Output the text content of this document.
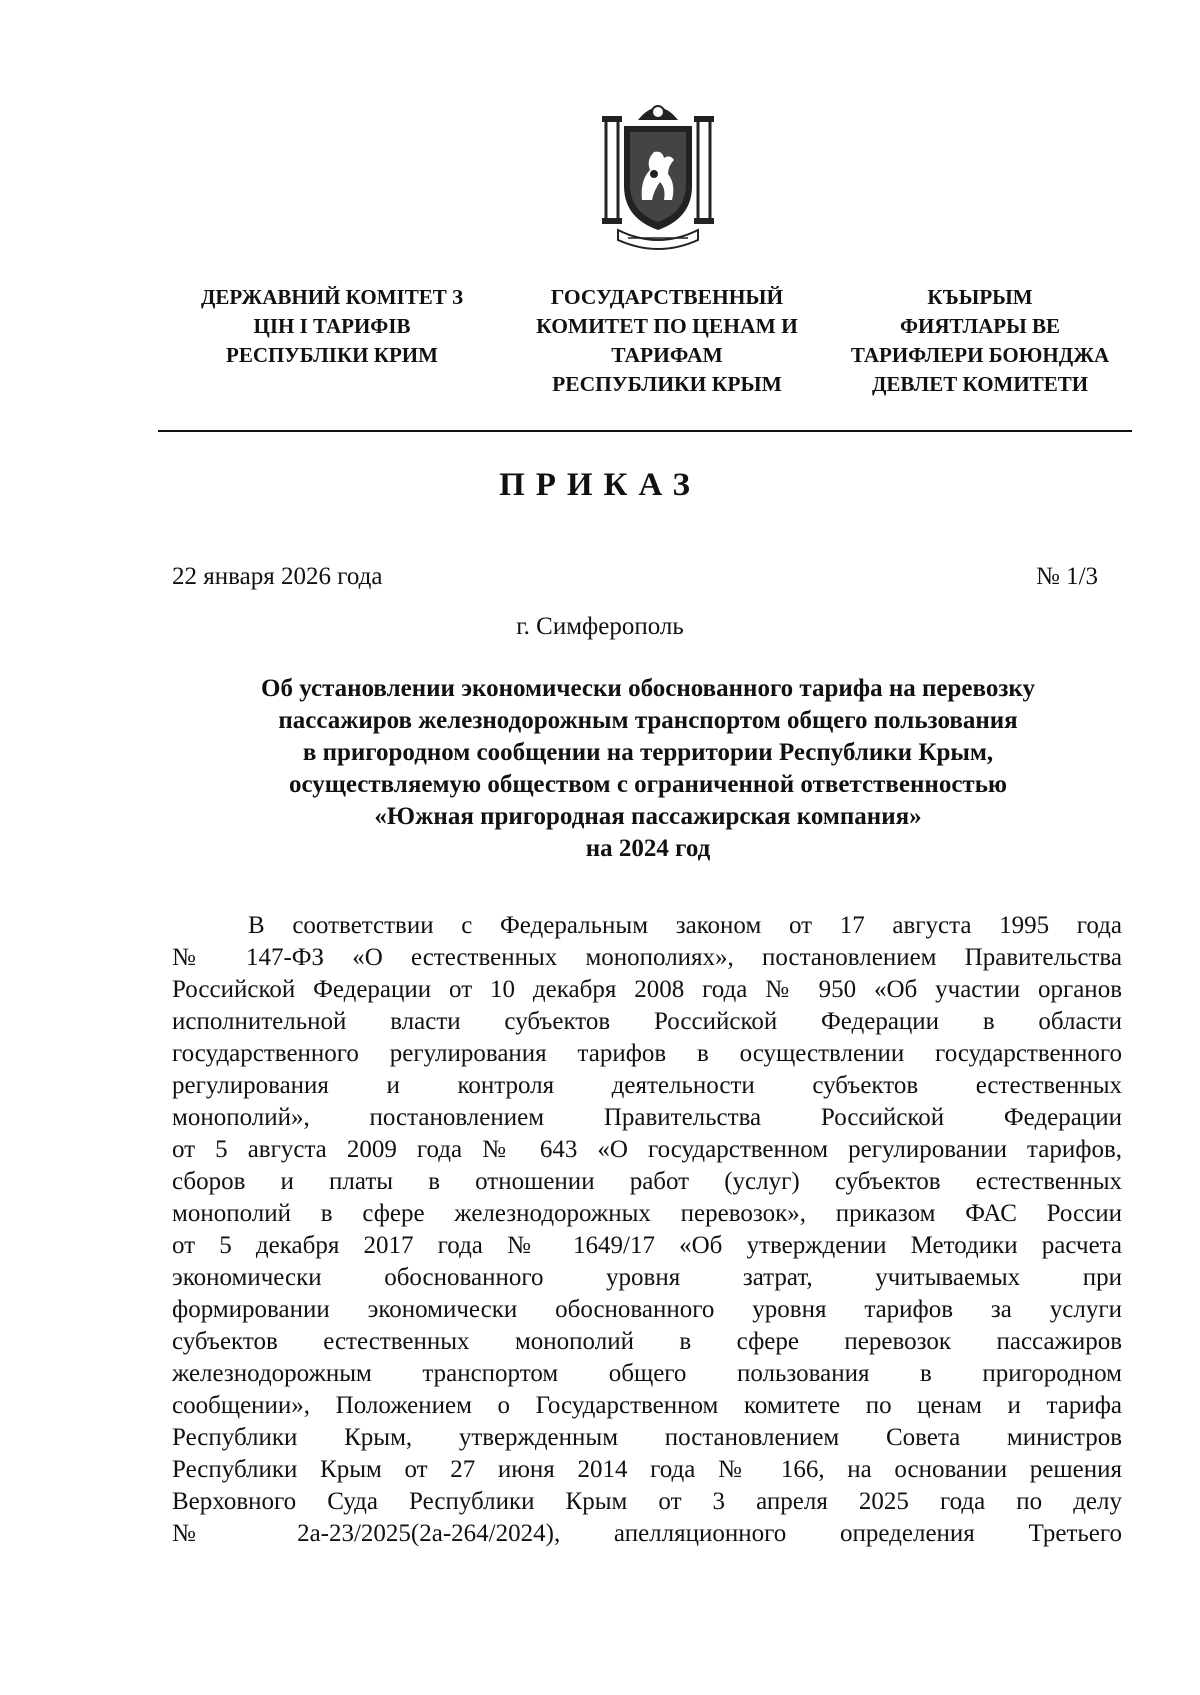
ДЕРЖАВНИЙ КОМІТЕТ З
ЦІН І ТАРИФІВ
РЕСПУБЛІКИ КРИМ
ГОСУДАРСТВЕННЫЙ
КОМИТЕТ ПО ЦЕНАМ И
ТАРИФАМ
РЕСПУБЛИКИ КРЫМ
КЪЫРЫМ
ФИЯТЛАРЫ ВЕ
ТАРИФЛЕРИ БОЮНДЖА
ДЕВЛЕТ КОМИТЕТИ
ПРИКАЗ
22 января 2026 года	№ 1/3
г. Симферополь
Об установлении экономически обоснованного тарифа на перевозку
пассажиров железнодорожным транспортом общего пользования
в пригородном сообщении на территории Республики Крым,
осуществляемую обществом с ограниченной ответственностью
«Южная пригородная пассажирская компания»
на 2024 год
В соответствии с Федеральным законом от 17 августа 1995 года
№ 147-ФЗ «О естественных монополиях», постановлением Правительства
Российской Федерации от 10 декабря 2008 года № 950 «Об участии органов
исполнительной власти субъектов Российской Федерации в области
государственного регулирования тарифов в осуществлении государственного
регулирования и контроля деятельности субъектов естественных
монополий», постановлением Правительства Российской Федерации
от 5 августа 2009 года № 643 «О государственном регулировании тарифов,
сборов и платы в отношении работ (услуг) субъектов естественных
монополий в сфере железнодорожных перевозок», приказом ФАС России
от 5 декабря 2017 года № 1649/17 «Об утверждении Методики расчета
экономически обоснованного уровня затрат, учитываемых при
формировании экономически обоснованного уровня тарифов за услуги
субъектов естественных монополий в сфере перевозок пассажиров
железнодорожным транспортом общего пользования в пригородном
сообщении», Положением о Государственном комитете по ценам и тарифа
Республики Крым, утвержденным постановлением Совета министров
Республики Крым от 27 июня 2014 года № 166, на основании решения
Верховного Суда Республики Крым от 3 апреля 2025 года по делу
№ 2а-23/2025(2а-264/2024), апелляционного определения Третьего
